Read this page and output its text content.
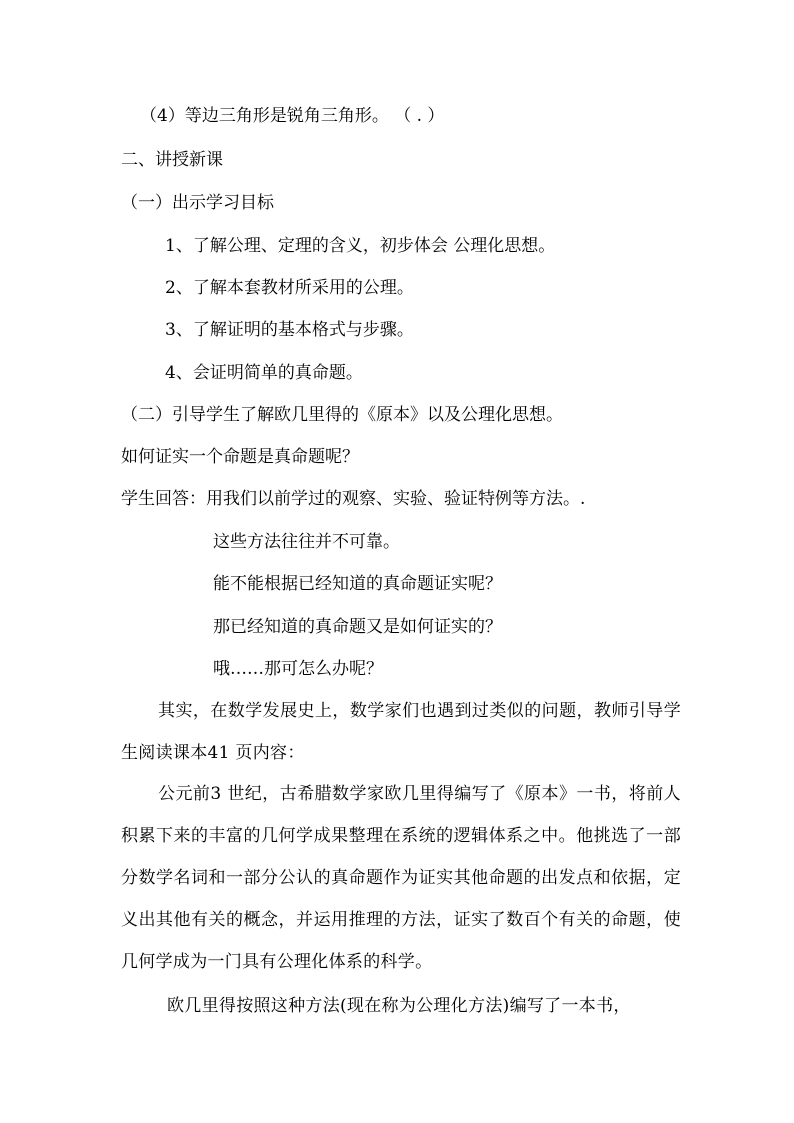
（4）等边三角形是锐角三角形。 （ . ）
二、讲授新课
（一）出示学习目标
1、了解公理、定理的含义，初步体会 公理化思想。
2、了解本套教材所采用的公理。
3、了解证明的基本格式与步骤。
4、会证明简单的真命题。
（二）引导学生了解欧几里得的《原本》以及公理化思想。
如何证实一个命题是真命题呢？
学生回答：用我们以前学过的观察、实验、验证特例等方法。.
这些方法往往并不可靠。
能不能根据已经知道的真命题证实呢？
那已经知道的真命题又是如何证实的？
哦……那可怎么办呢？
其实，在数学发展史上，数学家们也遇到过类似的问题，教师引导学生阅读课本41 页内容：
公元前3 世纪，古希腊数学家欧几里得编写了《原本》一书，将前人积累下来的丰富的几何学成果整理在系统的逻辑体系之中。他挑选了一部分数学名词和一部分公认的真命题作为证实其他命题的出发点和依据，定义出其他有关的概念，并运用推理的方法，证实了数百个有关的命题，使几何学成为一门具有公理化体系的科学。
欧几里得按照这种方法(现在称为公理化方法)编写了一本书，
